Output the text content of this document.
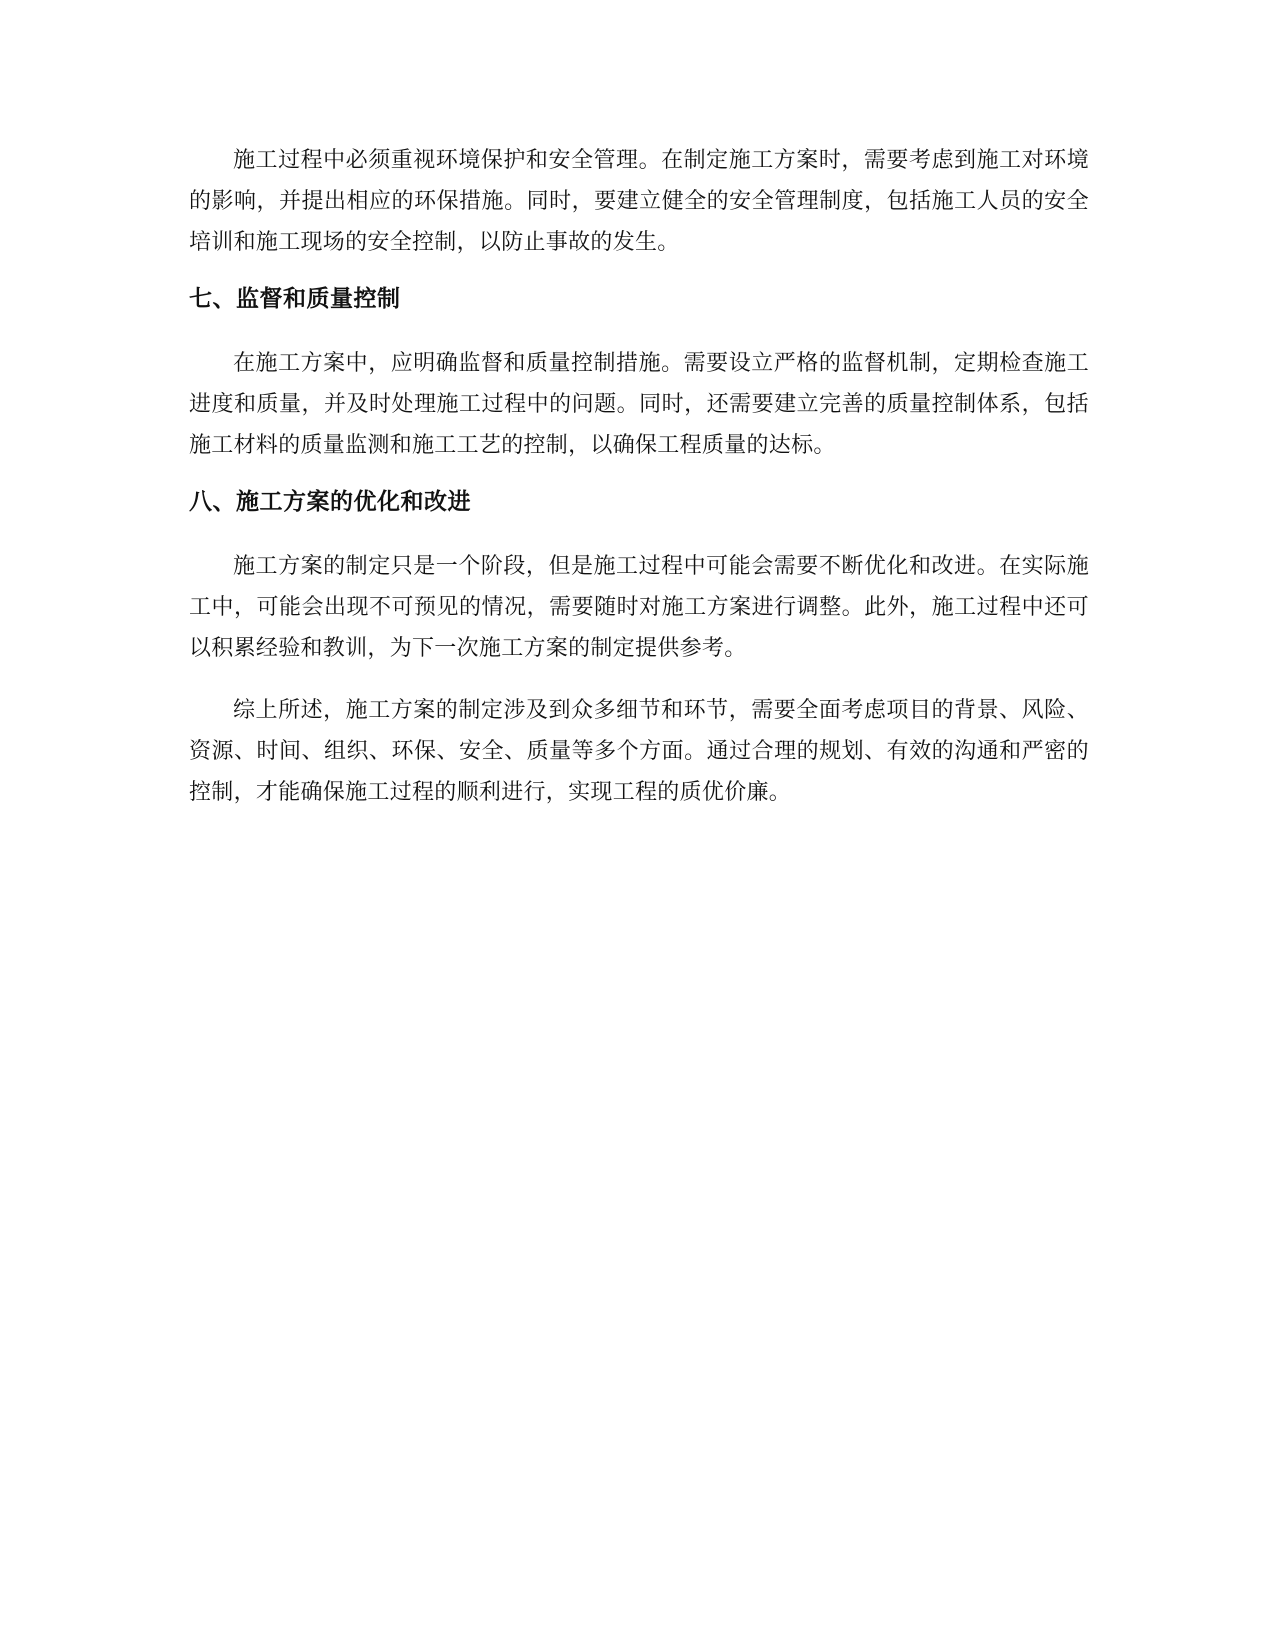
施工过程中必须重视环境保护和安全管理。在制定施工方案时，需要考虑到施工对环境的影响，并提出相应的环保措施。同时，要建立健全的安全管理制度，包括施工人员的安全培训和施工现场的安全控制，以防止事故的发生。

七、监督和质量控制

在施工方案中，应明确监督和质量控制措施。需要设立严格的监督机制，定期检查施工进度和质量，并及时处理施工过程中的问题。同时，还需要建立完善的质量控制体系，包括施工材料的质量监测和施工工艺的控制，以确保工程质量的达标。

八、施工方案的优化和改进

施工方案的制定只是一个阶段，但是施工过程中可能会需要不断优化和改进。在实际施工中，可能会出现不可预见的情况，需要随时对施工方案进行调整。此外，施工过程中还可以积累经验和教训，为下一次施工方案的制定提供参考。

综上所述，施工方案的制定涉及到众多细节和环节，需要全面考虑项目的背景、风险、资源、时间、组织、环保、安全、质量等多个方面。通过合理的规划、有效的沟通和严密的控制，才能确保施工过程的顺利进行，实现工程的质优价廉。
